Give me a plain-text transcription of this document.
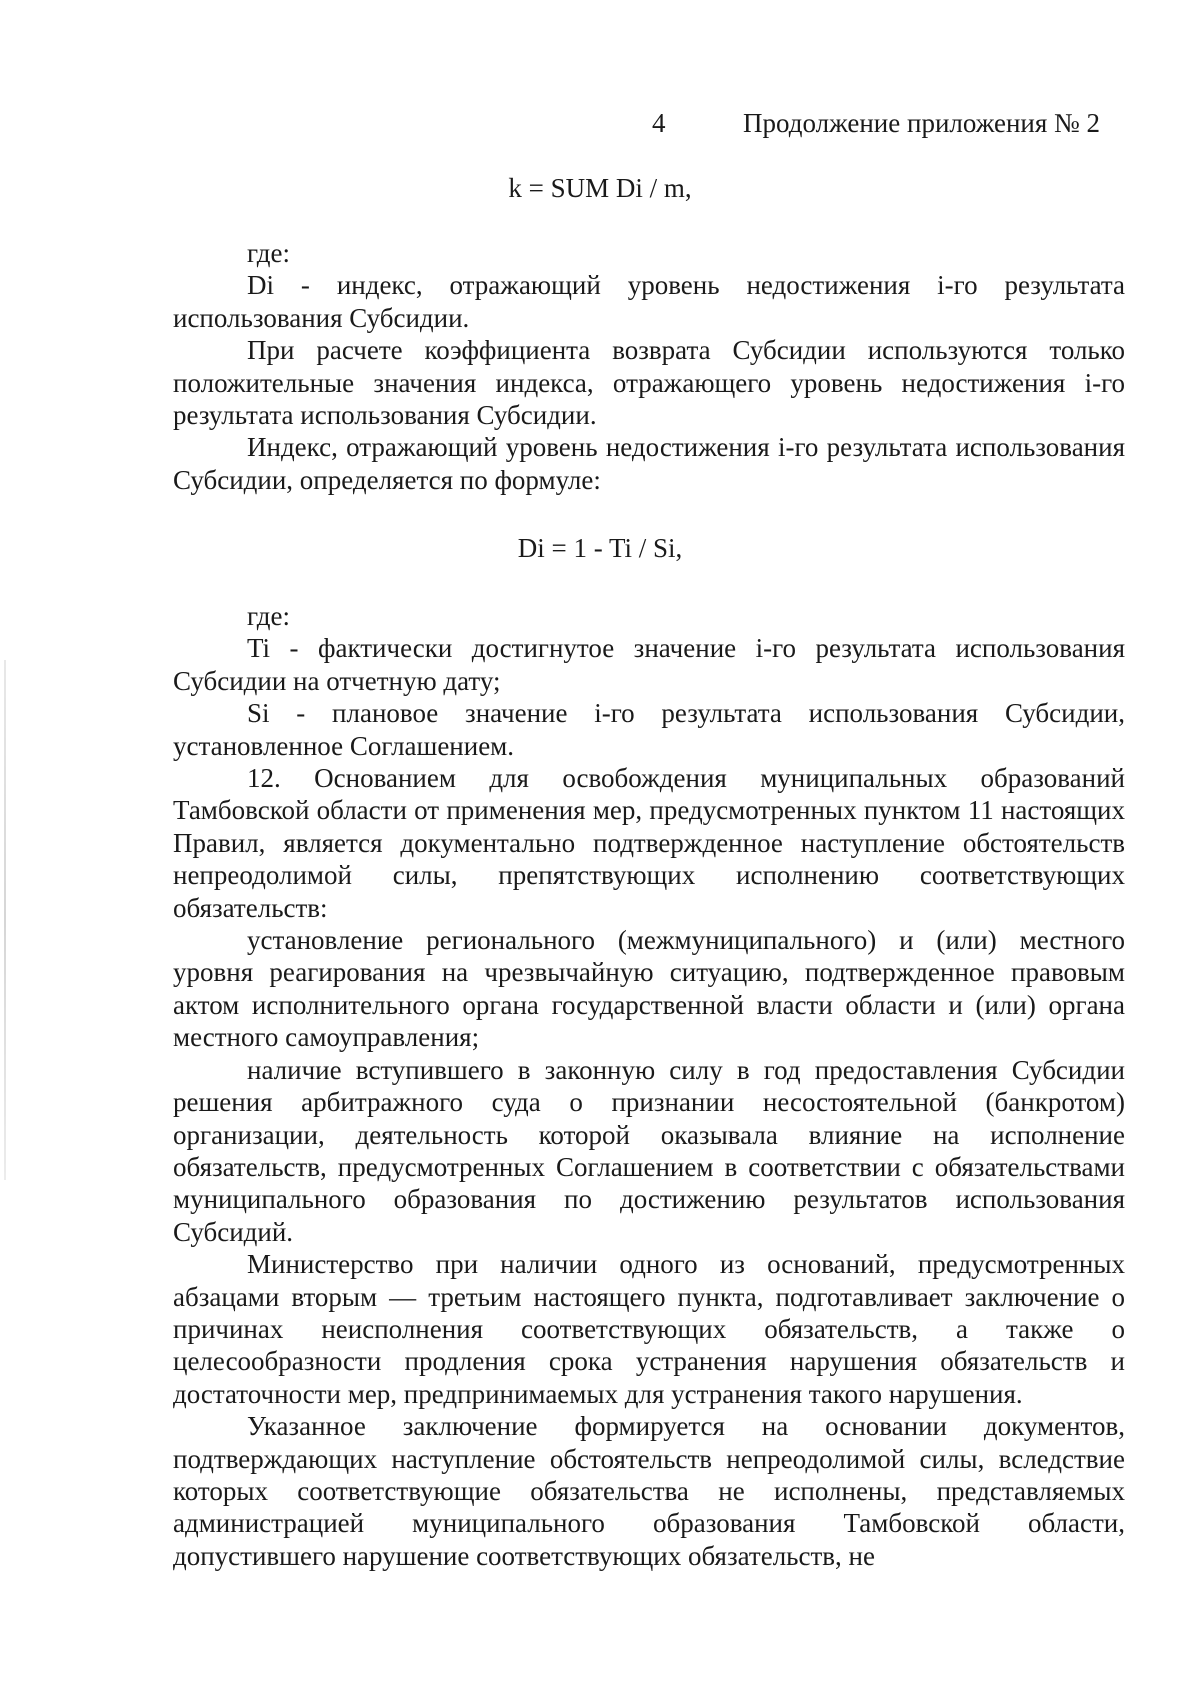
4	Продолжение приложения № 2
k = SUM Di / m,

где:

Di - индекс, отражающий уровень недостижения i-го результата использования Субсидии.

При расчете коэффициента возврата Субсидии используются только положительные значения индекса, отражающего уровень недостижения i-го результата использования Субсидии.

Индекс, отражающий уровень недостижения i-го результата использования Субсидии, определяется по формуле:

Di = 1 - Ti / Si,

где:

Ti - фактически достигнутое значение i-го результата использования Субсидии на отчетную дату;

Si - плановое значение i-го результата использования Субсидии, установленное Соглашением.

12. Основанием для освобождения муниципальных образований Тамбовской области от применения мер, предусмотренных пунктом 11 настоящих Правил, является документально подтвержденное наступление обстоятельств непреодолимой силы, препятствующих исполнению соответствующих обязательств:

установление регионального (межмуниципального) и (или) местного уровня реагирования на чрезвычайную ситуацию, подтвержденное правовым актом исполнительного органа государственной власти области и (или) органа местного самоуправления;

наличие вступившего в законную силу в год предоставления Субсидии решения арбитражного суда о признании несостоятельной (банкротом) организации, деятельность которой оказывала влияние на исполнение обязательств, предусмотренных Соглашением в соответствии с обязательствами муниципального образования по достижению результатов использования Субсидий.

Министерство при наличии одного из оснований, предусмотренных абзацами вторым — третьим настоящего пункта, подготавливает заключение о причинах неисполнения соответствующих обязательств, а также о целесообразности продления срока устранения нарушения обязательств и достаточности мер, предпринимаемых для устранения такого нарушения.

Указанное заключение формируется на основании документов, подтверждающих наступление обстоятельств непреодолимой силы, вследствие которых соответствующие обязательства не исполнены, представляемых администрацией муниципального образования Тамбовской области, допустившего нарушение соответствующих обязательств, не
